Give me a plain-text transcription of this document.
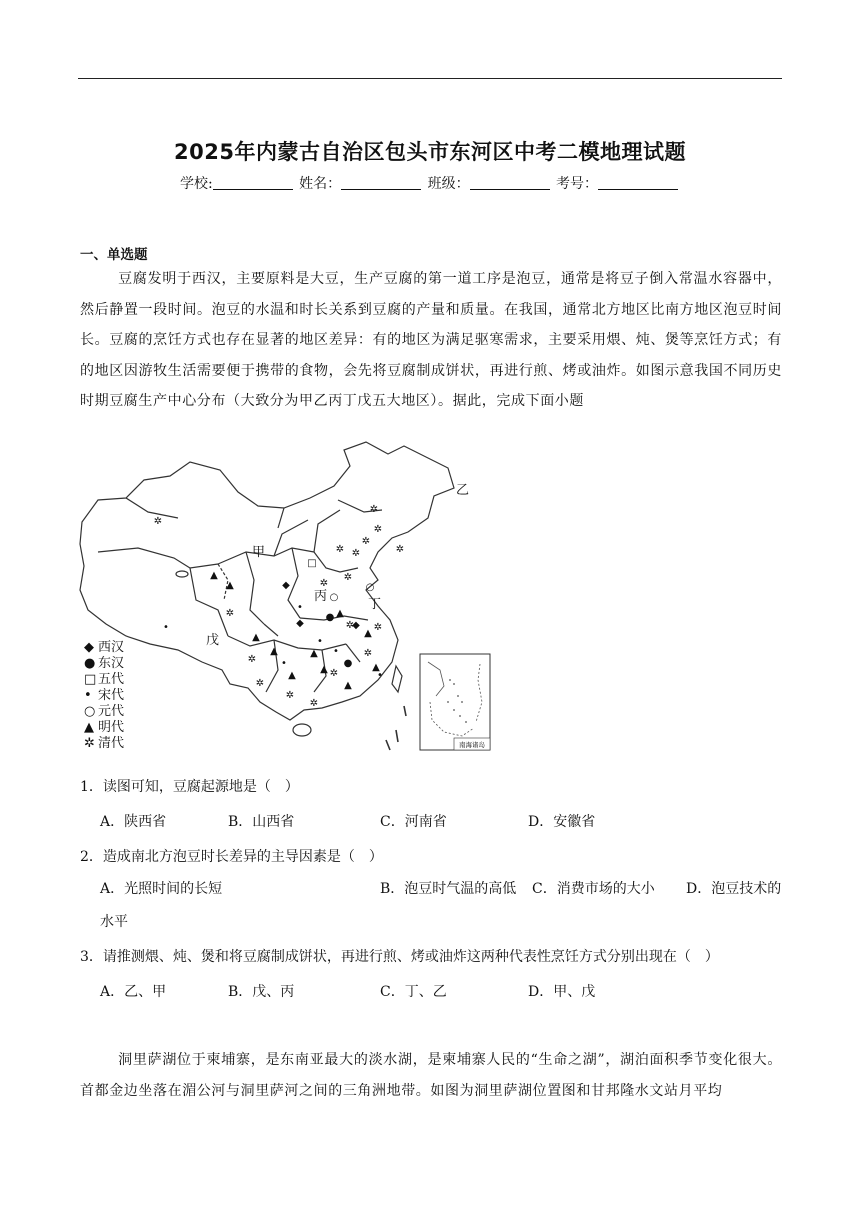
2025年内蒙古自治区包头市东河区中考二模地理试题
学校:	姓名：	班级：	考号：
一、单选题
豆腐发明于西汉，主要原料是大豆，生产豆腐的第一道工序是泡豆，通常是将豆子倒入常温水容器中，然后静置一段时间。泡豆的水温和时长关系到豆腐的产量和质量。在我国，通常北方地区比南方地区泡豆时间长。豆腐的烹饪方式也存在显著的地区差异：有的地区为满足驱寒需求，主要采用煨、炖、煲等烹饪方式；有的地区因游牧生活需要便于携带的食物，会先将豆腐制成饼状，再进行煎、烤或油炸。如图示意我国不同历史时期豆腐生产中心分布（大致分为甲乙丙丁戊五大地区）。据此，完成下面小题
南海诸岛
甲
乙
丙
丁
戊
✲
✲
✲
✲
✲
✲
✲
✲
✲
✲
✲
✲
✲
✲
✲
✲
✲
✲
◆
◆	◆
●
●
▲
▲
▲
▲	▲
▲
▲
▲
▲
▲
▲
•
•
•
•
•
•
□
○
○
◆ 西汉
● 东汉
□ 五代
• 宋代
○ 元代
▲ 明代
✲ 清代
1．读图可知，豆腐起源地是（　）
A．陕西省	B．山西省	C．河南省	D．安徽省
2．造成南北方泡豆时长差异的主导因素是（　）
A．光照时间的长短	B．泡豆时气温的高低 C．消费市场的大小 D．泡豆技术的
水平
3．请推测煨、炖、煲和将豆腐制成饼状，再进行煎、烤或油炸这两种代表性烹饪方式分别出现在（　）
A．乙、甲	B．戊、丙	C．丁、乙	D．甲、戊
洞里萨湖位于柬埔寨，是东南亚最大的淡水湖，是柬埔寨人民的“生命之湖”，湖泊面积季节变化很大。首都金边坐落在湄公河与洞里萨河之间的三角洲地带。如图为洞里萨湖位置图和甘邦隆水文站月平均
